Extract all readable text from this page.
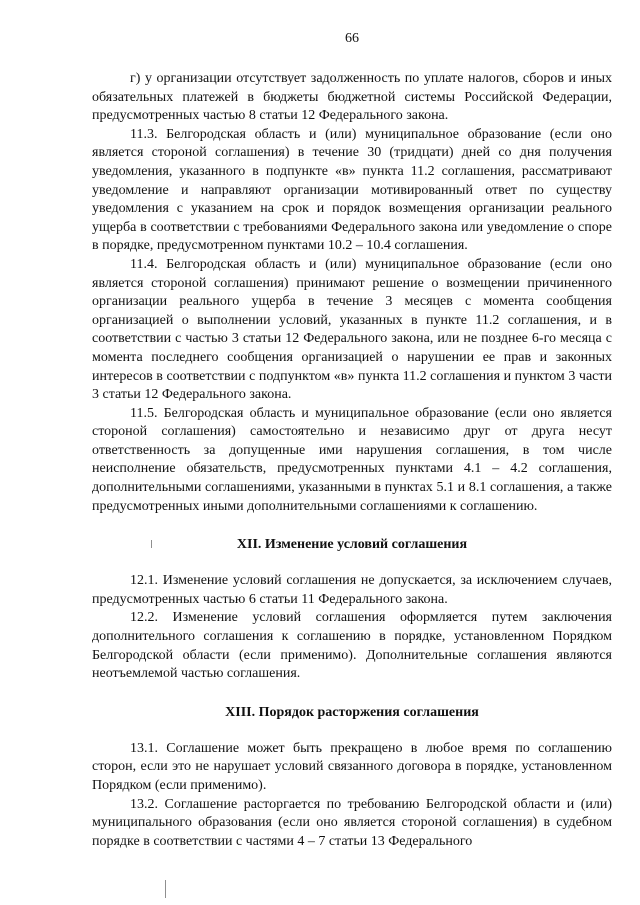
66

г) у организации отсутствует задолженность по уплате налогов, сборов и иных обязательных платежей в бюджеты бюджетной системы Российской Федерации, предусмотренных частью 8 статьи 12 Федерального закона.

11.3. Белгородская область и (или) муниципальное образование (если оно является стороной соглашения) в течение 30 (тридцати) дней со дня получения уведомления, указанного в подпункте «в» пункта 11.2 соглашения, рассматривают уведомление и направляют организации мотивированный ответ по существу уведомления с указанием на срок и порядок возмещения организации реального ущерба в соответствии с требованиями Федерального закона или уведомление о споре в порядке, предусмотренном пунктами 10.2 – 10.4 соглашения.

11.4. Белгородская область и (или) муниципальное образование (если оно является стороной соглашения) принимают решение о возмещении причиненного организации реального ущерба в течение 3 месяцев с момента сообщения организацией о выполнении условий, указанных в пункте 11.2 соглашения, и в соответствии с частью 3 статьи 12 Федерального закона, или не позднее 6-го месяца с момента последнего сообщения организацией о нарушении ее прав и законных интересов в соответствии с подпунктом «в» пункта 11.2 соглашения и пунктом 3 части 3 статьи 12 Федерального закона.

11.5. Белгородская область и муниципальное образование (если оно является стороной соглашения) самостоятельно и независимо друг от друга несут ответственность за допущенные ими нарушения соглашения, в том числе неисполнение обязательств, предусмотренных пунктами 4.1 – 4.2 соглашения, дополнительными соглашениями, указанными в пунктах 5.1 и 8.1 соглашения, а также предусмотренных иными дополнительными соглашениями к соглашению.

XII. Изменение условий соглашения

12.1. Изменение условий соглашения не допускается, за исключением случаев, предусмотренных частью 6 статьи 11 Федерального закона.

12.2. Изменение условий соглашения оформляется путем заключения дополнительного соглашения к соглашению в порядке, установленном Порядком Белгородской области (если применимо). Дополнительные соглашения являются неотъемлемой частью соглашения.

XIII. Порядок расторжения соглашения

13.1. Соглашение может быть прекращено в любое время по соглашению сторон, если это не нарушает условий связанного договора в порядке, установленном Порядком (если применимо).

13.2. Соглашение расторгается по требованию Белгородской области и (или) муниципального образования (если оно является стороной соглашения) в судебном порядке в соответствии с частями 4 – 7 статьи 13 Федерального
